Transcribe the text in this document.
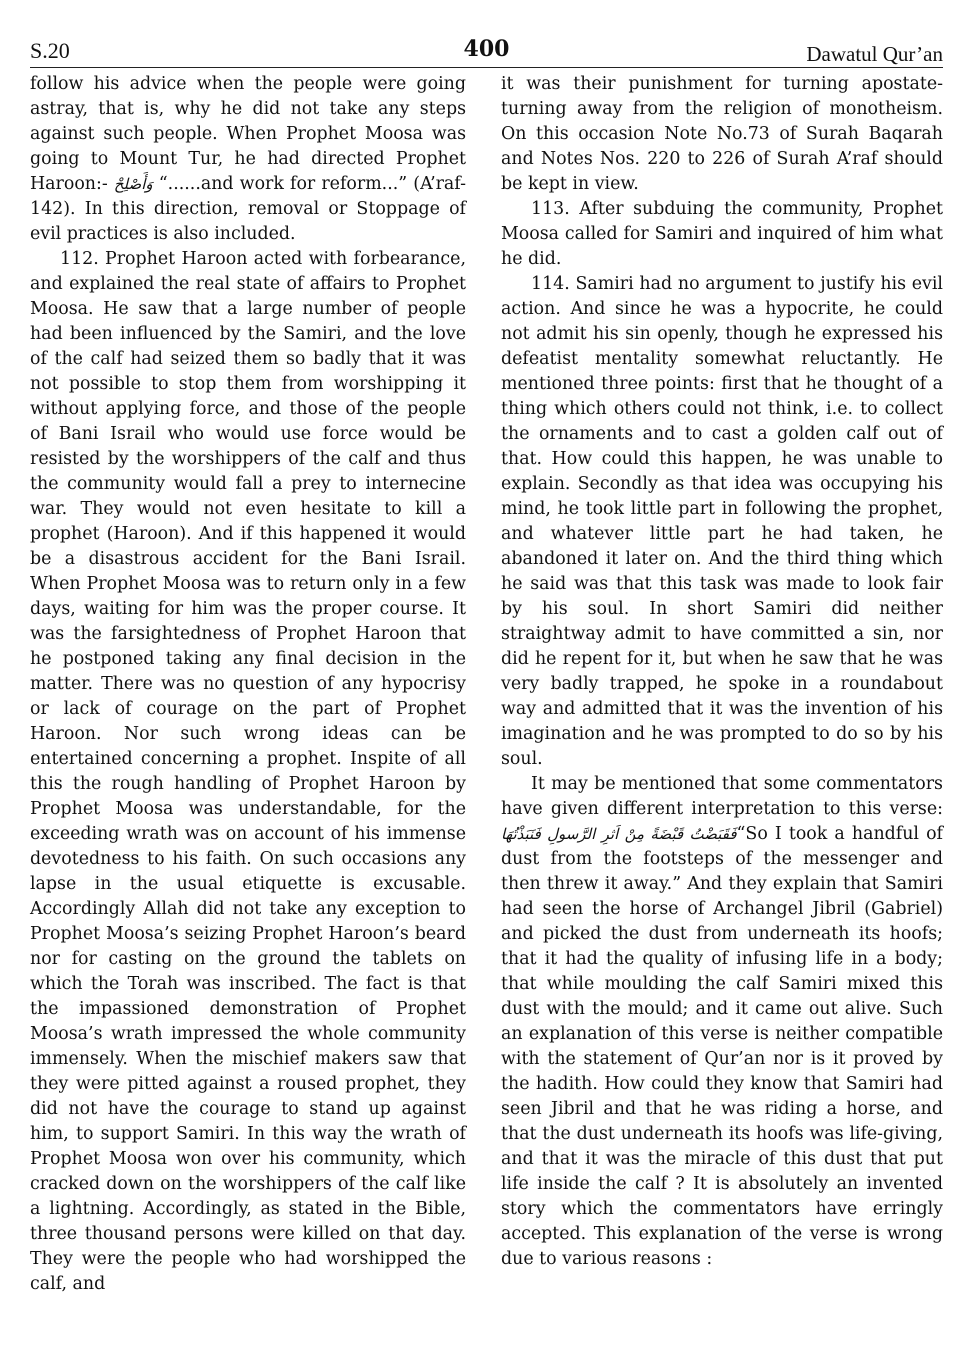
S.20	400	Dawatul Qur’an

follow his advice when the people were going astray, that is, why he did not take any steps against such people. When Prophet Moosa was going to Mount Tur, he had directed Prophet Haroon:- وَأَصْلِحْ “......and work for reform...” (A’raf- 142). In this direction, removal or Stoppage of evil practices is also included.

112. Prophet Haroon acted with forbearance, and explained the real state of affairs to Prophet Moosa. He saw that a large number of people had been influenced by the Samiri, and the love of the calf had seized them so badly that it was not possible to stop them from worshipping it without applying force, and those of the people of Bani Israil who would use force would be resisted by the worshippers of the calf and thus the community would fall a prey to internecine war. They would not even hesitate to kill a prophet (Haroon). And if this happened it would be a disastrous accident for the Bani Israil. When Prophet Moosa was to return only in a few days, waiting for him was the proper course. It was the farsightedness of Prophet Haroon that he postponed taking any final decision in the matter. There was no question of any hypocrisy or lack of courage on the part of Prophet Haroon. Nor such wrong ideas can be entertained concerning a prophet. Inspite of all this the rough handling of Prophet Haroon by Prophet Moosa was understandable, for the exceeding wrath was on account of his immense devotedness to his faith. On such occasions any lapse in the usual etiquette is excusable. Accordingly Allah did not take any exception to Prophet Moosa’s seizing Prophet Haroon’s beard nor for casting on the ground the tablets on which the Torah was inscribed. The fact is that the impassioned demonstration of Prophet Moosa’s wrath impressed the whole community immensely. When the mischief makers saw that they were pitted against a roused prophet, they did not have the courage to stand up against him, to support Samiri. In this way the wrath of Prophet Moosa won over his community, which cracked down on the worshippers of the calf like a lightning. Accordingly, as stated in the Bible, three thousand persons were killed on that day. They were the people who had worshipped the calf, and

it was their punishment for turning apostate-turning away from the religion of monotheism. On this occasion Note No.73 of Surah Baqarah and Notes Nos. 220 to 226 of Surah A’raf should be kept in view.

113. After subduing the community, Prophet Moosa called for Samiri and inquired of him what he did.

114. Samiri had no argument to justify his evil action. And since he was a hypocrite, he could not admit his sin openly, though he expressed his defeatist mentality somewhat reluctantly. He mentioned three points: first that he thought of a thing which others could not think, i.e. to collect the ornaments and to cast a golden calf out of that. How could this happen, he was unable to explain. Secondly as that idea was occupying his mind, he took little part in following the prophet, and whatever little part he had taken, he abandoned it later on. And the third thing which he said was that this task was made to look fair by his soul. In short Samiri did neither straightway admit to have committed a sin, nor did he repent for it, but when he saw that he was very badly trapped, he spoke in a roundabout way and admitted that it was the invention of his imagination and he was prompted to do so by his soul.

It may be mentioned that some commentators have given different interpretation to this verse: فَقَبَضْتُ قَبْضَةً مِنْ اَثرِ الرَّسولِ فَنَبَذْتُهَا“So I took a handful of dust from the footsteps of the messenger and then threw it away.” And they explain that Samiri had seen the horse of Archangel Jibril (Gabriel) and picked the dust from underneath its hoofs; that it had the quality of infusing life in a body; that while moulding the calf Samiri mixed this dust with the mould; and it came out alive. Such an explanation of this verse is neither compatible with the statement of Qur’an nor is it proved by the hadith. How could they know that Samiri had seen Jibril and that he was riding a horse, and that the dust underneath its hoofs was life-giving, and that it was the miracle of this dust that put life inside the calf ? It is absolutely an invented story which the commentators have erringly accepted. This explanation of the verse is wrong due to various reasons :
